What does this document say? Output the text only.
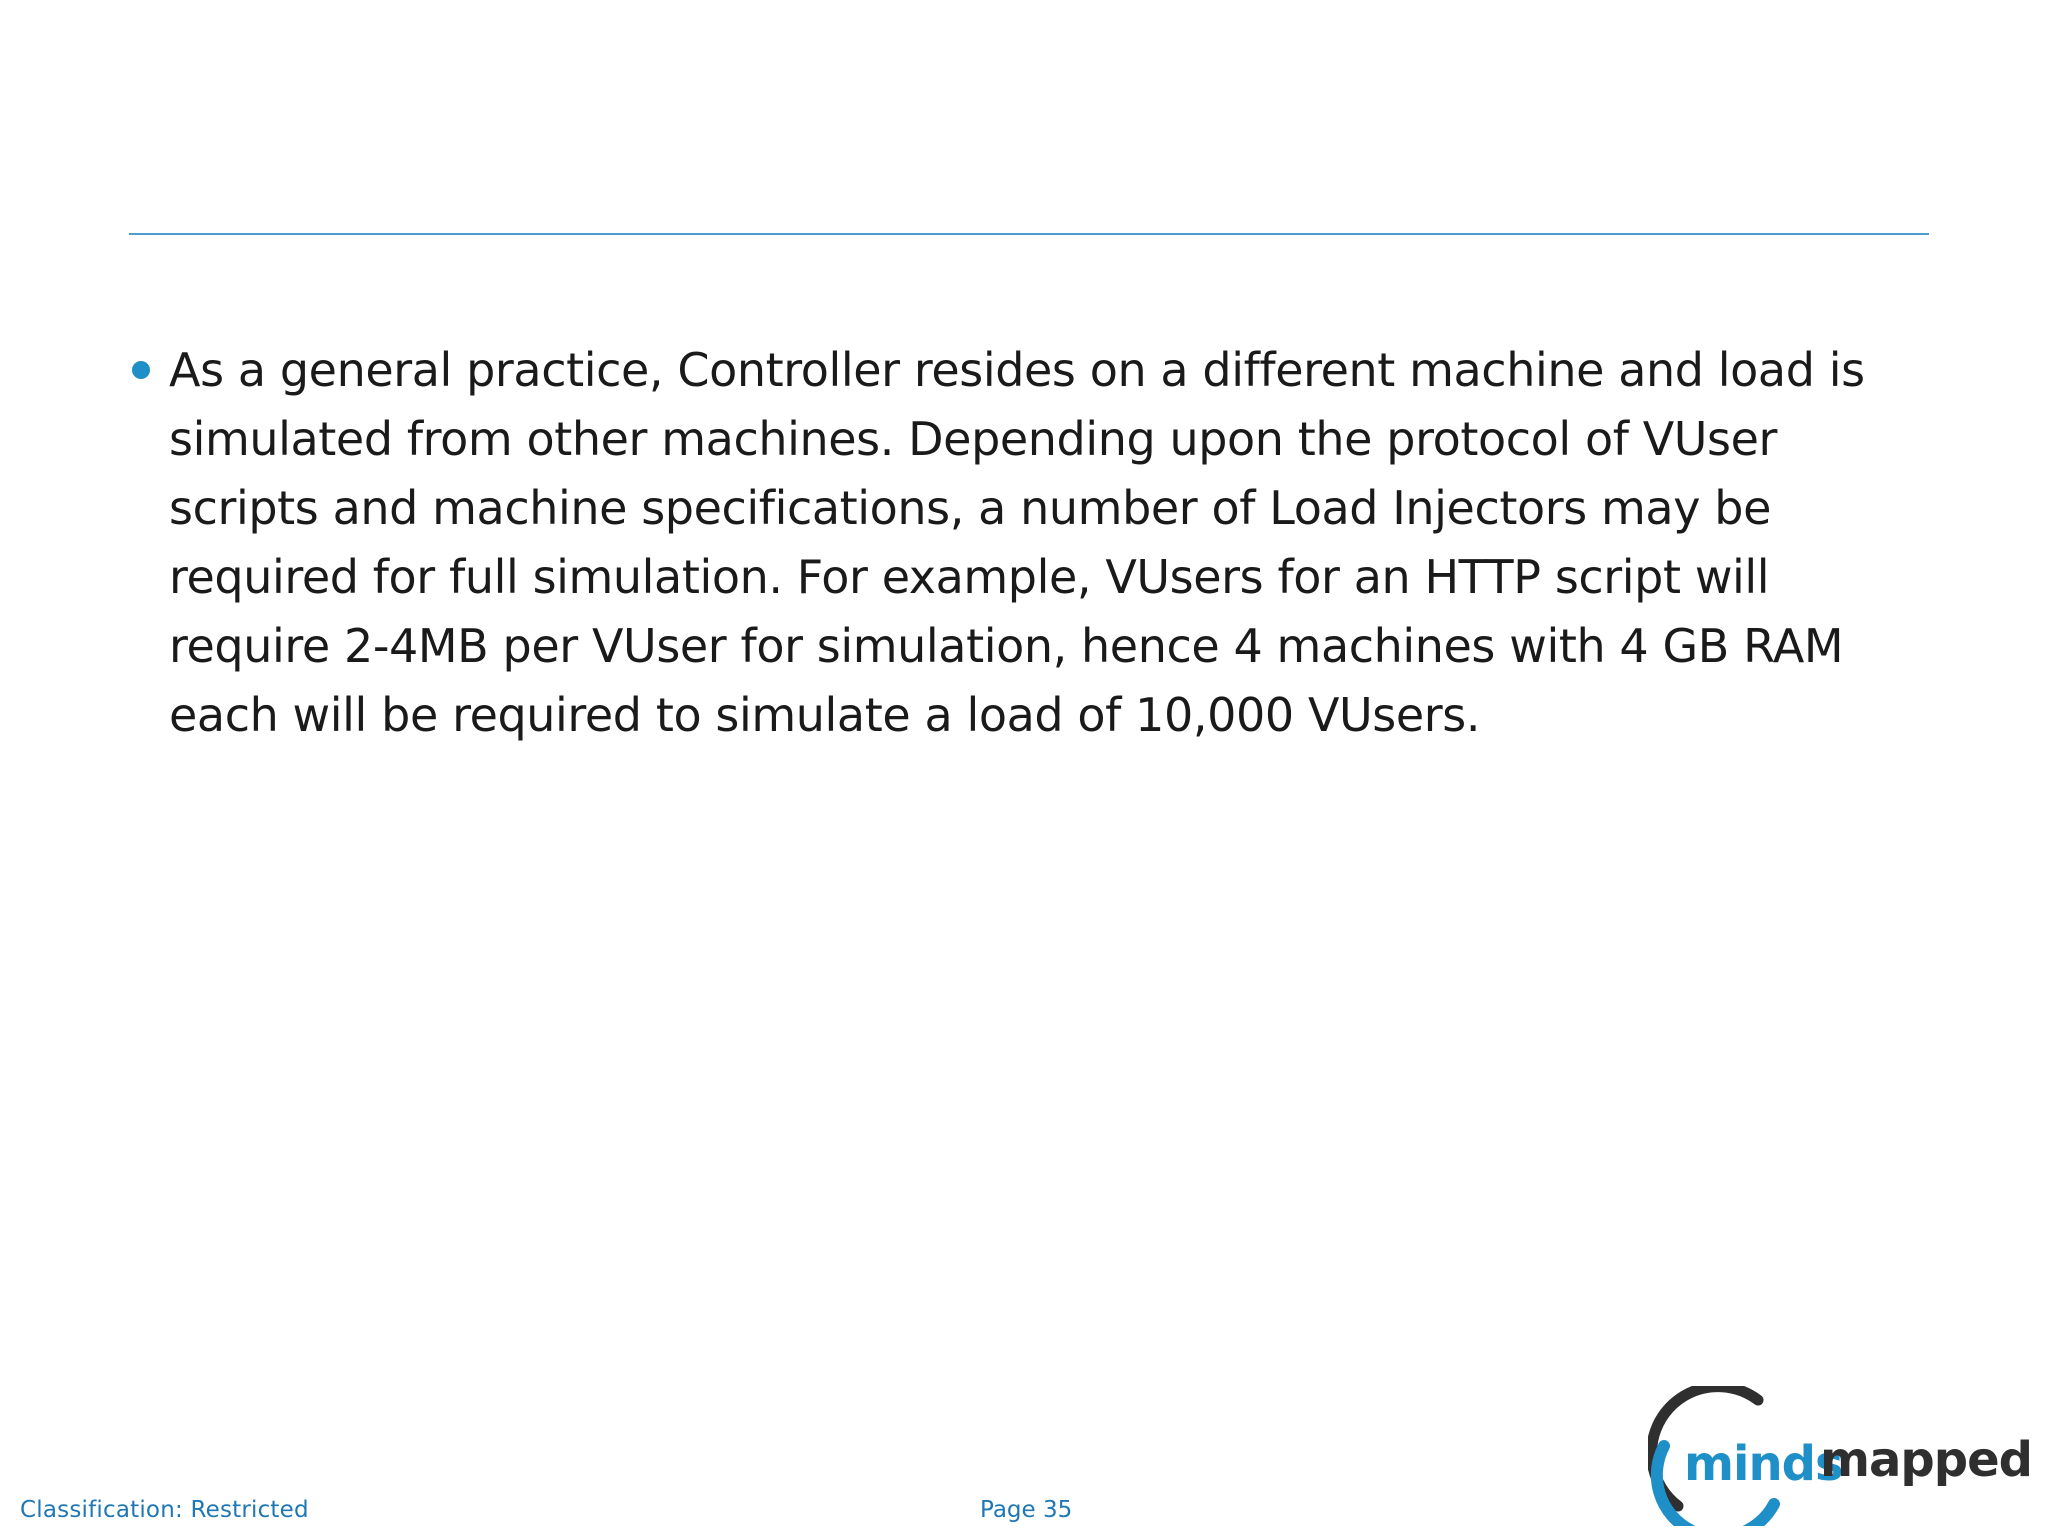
As a general practice, Controller resides on a different machine and load is
simulated from other machines. Depending upon the protocol of VUser
scripts and machine specifications, a number of Load Injectors may be
required for full simulation. For example, VUsers for an HTTP script will
require 2-4MB per VUser for simulation, hence 4 machines with 4 GB RAM
each will be required to simulate a load of 10,000 VUsers.
Classification: Restricted	Page 35
minds
mapped
